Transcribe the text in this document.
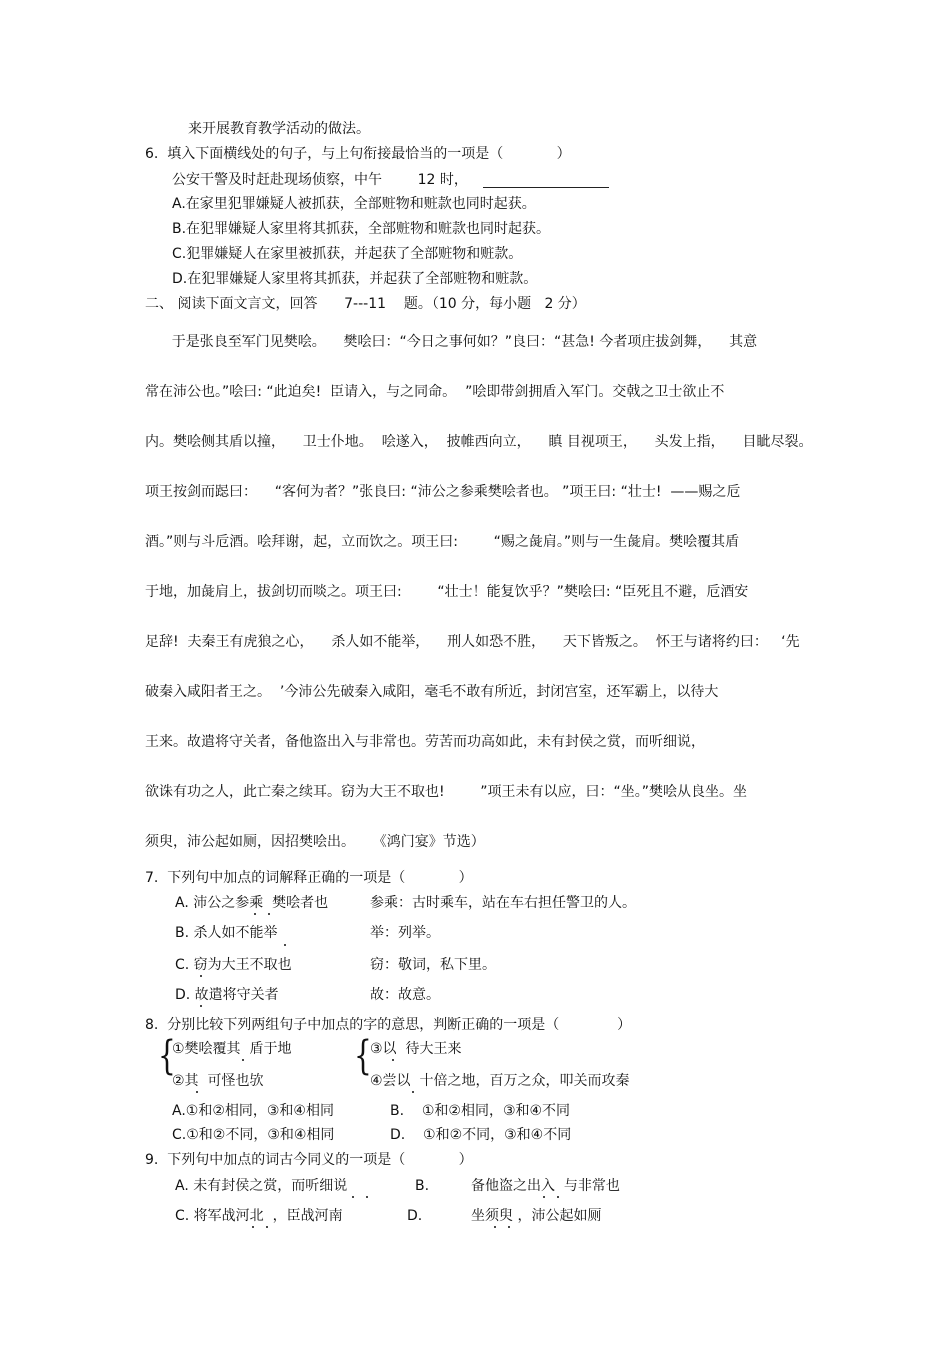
来开展教育教学活动的做法。
6.  填入下面横线处的句子，与上句衔接最恰当的一项是（            ）
公安干警及时赶赴现场侦察，中午        12 时，
A.在家里犯罪嫌疑人被抓获，全部赃物和赃款也同时起获。
B.在犯罪嫌疑人家里将其抓获，全部赃物和赃款也同时起获。
C.犯罪嫌疑人在家里被抓获，并起获了全部赃物和赃款。
D.在犯罪嫌疑人家里将其抓获，并起获了全部赃物和赃款。
二、 阅读下面文言文，回答      7---11    题。（10 分，每小题   2 分）
于是张良至军门见樊哙。    樊哙曰：“今日之事何如？”良曰：“甚急! 今者项庄拔剑舞，    其意
常在沛公也。”哙曰: “此迫矣!  臣请入，与之同命。  ”哙即带剑拥盾入军门。交戟之卫士欲止不
内。樊哙侧其盾以撞，    卫士仆地。  哙遂入，  披帷西向立，    瞋 目视项王，    头发上指，    目眦尽裂。
项王按剑而跽曰：    “客何为者？”张良曰: “沛公之参乘樊哙者也。 ”项王曰: “壮士!  ——赐之卮
酒。”则与斗卮酒。哙拜谢，起，立而饮之。项王曰:        “赐之彘肩。”则与一生彘肩。樊哙覆其盾
于地，加彘肩上，拔剑切而啖之。项王曰:        “壮士！能复饮乎？”樊哙曰: “臣死且不避，卮酒安
足辞!  夫秦王有虎狼之心，    杀人如不能举，    刑人如恐不胜，    天下皆叛之。  怀王与诸将约曰：   ‘先
破秦入咸阳者王之。  ’今沛公先破秦入咸阳，毫毛不敢有所近，封闭宫室，还军霸上，以待大
王来。故遣将守关者，备他盗出入与非常也。劳苦而功高如此，未有封侯之赏，而听细说，
欲诛有功之人，此亡秦之续耳。窃为大王不取也!        ”项王未有以应，曰：“坐。”樊哙从良坐。坐
须臾，沛公起如厕，因招樊哙出。    《鸿门宴》节选）
7.  下列句中加点的词解释正确的一项是（            ）
A. 沛公之参乘  樊哙者也	参乘：古时乘车，站在车右担任警卫的人。
B. 杀人如不能举	举：列举。
C. 窃为大王不取也	窃：敬词，私下里。
D. 故遣将守关者	故：故意。
8.  分别比较下列两组句子中加点的字的意思，判断正确的一项是（             ）
{
①樊哙覆其  盾于地
②其  可怪也欤
{
③以  待大王来
④尝以  十倍之地，百万之众，叩关而攻秦
A.①和②相同，③和④相同	B.    ①和②相同，③和④不同
C.①和②不同，③和④相同	D.    ①和②不同，③和④不同
9.  下列句中加点的词古今同义的一项是（            ）
A. 未有封侯之赏，而听细说	B.	备他盗之出入  与非常也
C. 将军战河北  ，臣战河南	D.	坐须臾 ，沛公起如厕
